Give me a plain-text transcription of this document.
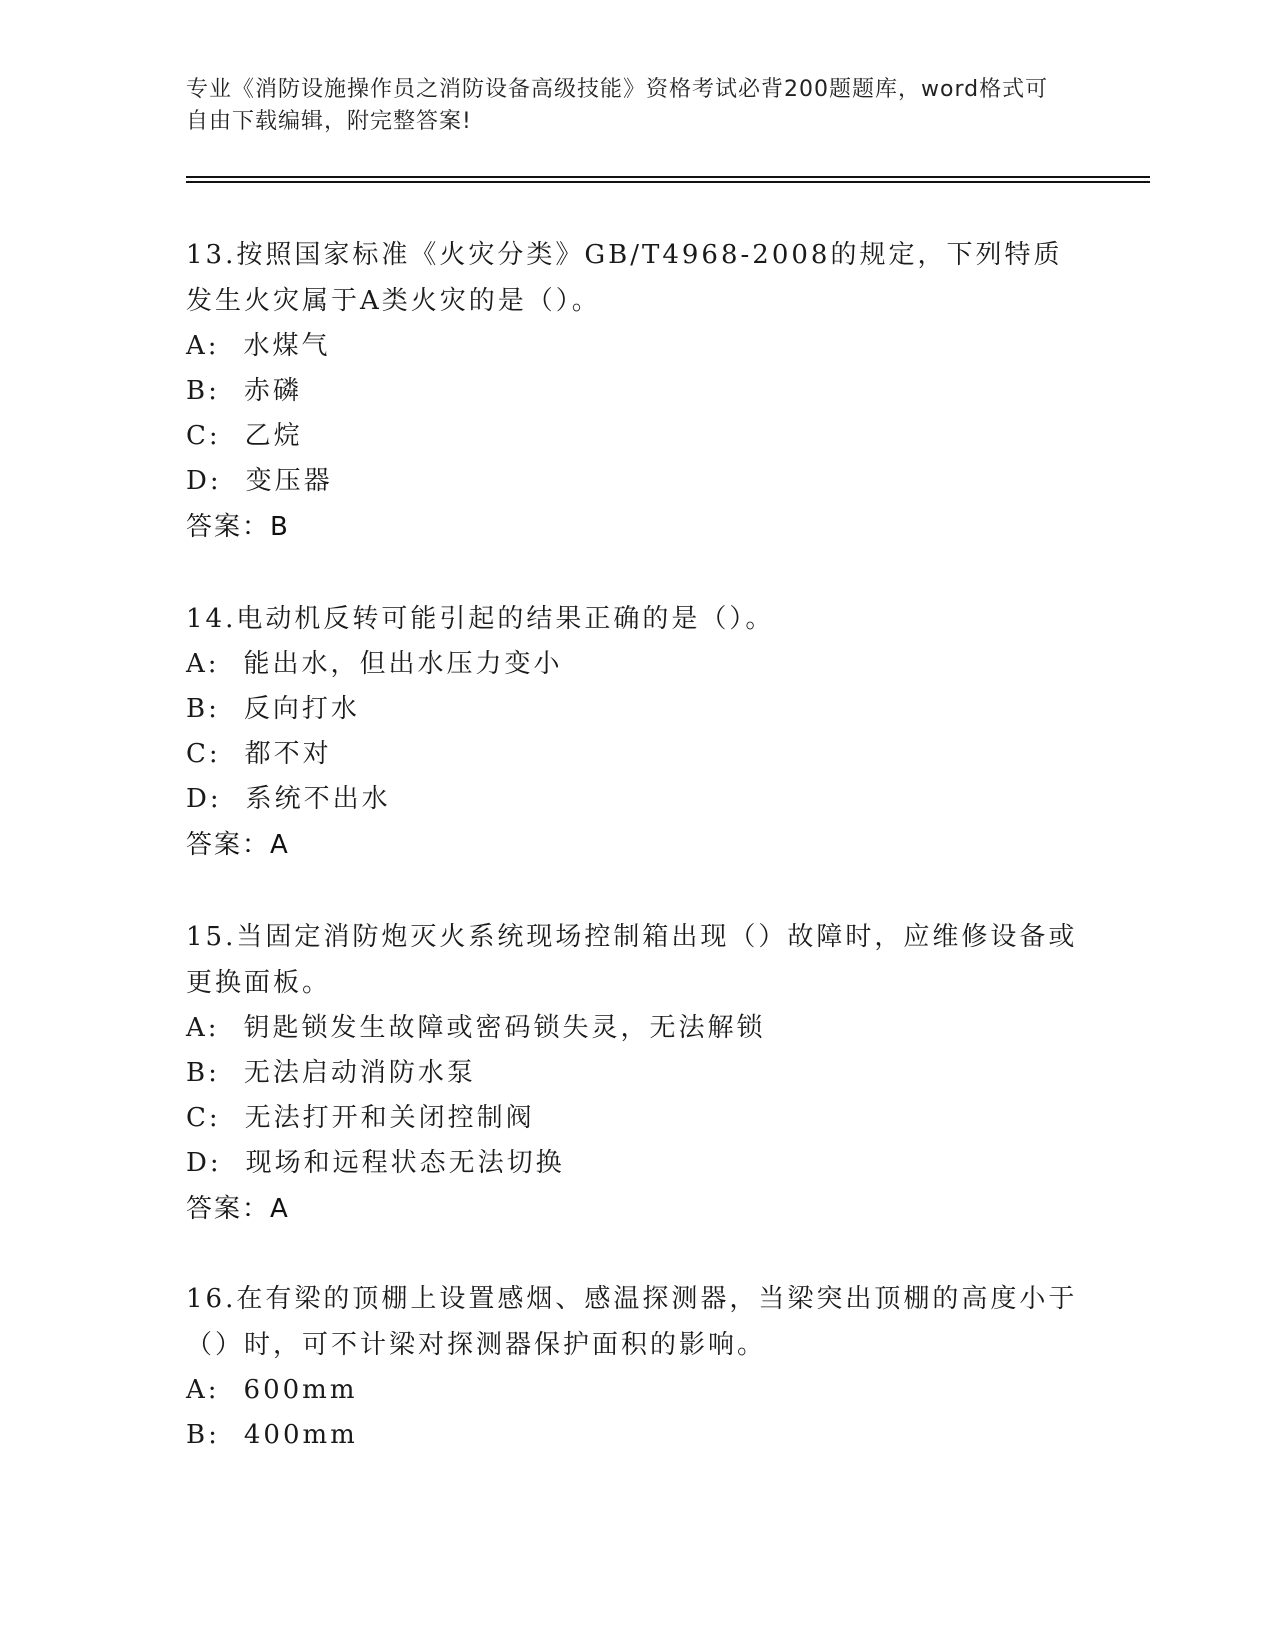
专业《消防设施操作员之消防设备高级技能》资格考试必背200题题库，word格式可自由下载编辑，附完整答案!

13.按照国家标准《火灾分类》GB/T4968-2008的规定，下列特质发生火灾属于A类火灾的是（）。

A: 水煤气

B: 赤磷

C: 乙烷

D: 变压器

答案：B

14.电动机反转可能引起的结果正确的是（）。

A: 能出水，但出水压力变小

B: 反向打水

C: 都不对

D: 系统不出水

答案：A

15.当固定消防炮灭火系统现场控制箱出现（）故障时，应维修设备或更换面板。

A: 钥匙锁发生故障或密码锁失灵，无法解锁

B: 无法启动消防水泵

C: 无法打开和关闭控制阀

D: 现场和远程状态无法切换

答案：A

16.在有梁的顶棚上设置感烟、感温探测器，当梁突出顶棚的高度小于（）时，可不计梁对探测器保护面积的影响。

A: 600mm

B: 400mm
